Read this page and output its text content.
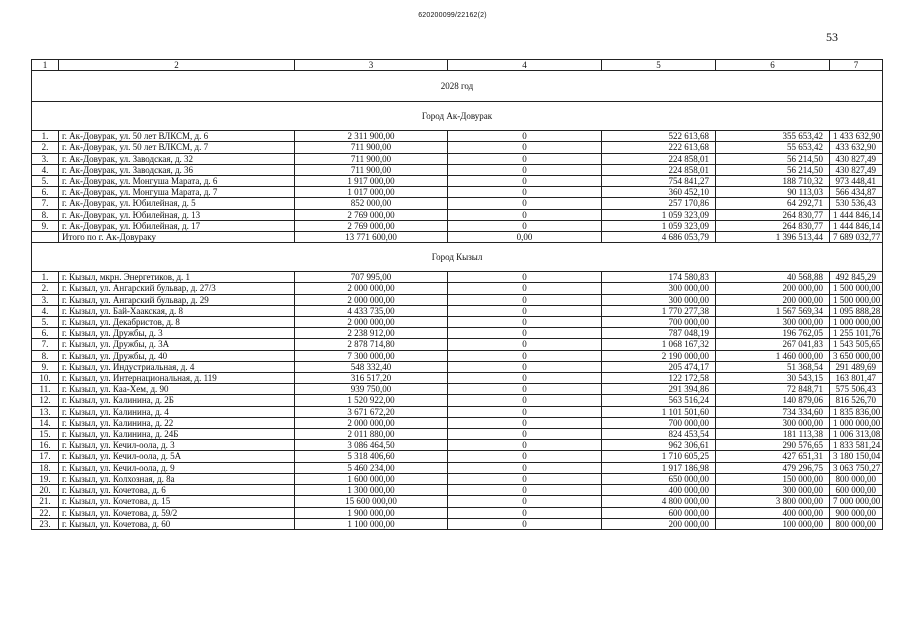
620200099/22162(2)
53
1	2	3	4	5	6	7
2028 год						
Город Ак-Довурак						
1.	г. Ак-Довурак, ул. 50 лет ВЛКСМ, д. 6	2 311 900,00	0	522 613,68	355 653,42	1 433 632,90
2.	г. Ак-Довурак, ул. 50 лет ВЛКСМ, д. 7	711 900,00	0	222 613,68	55 653,42	433 632,90
3.	г. Ак-Довурак, ул. Заводская, д. 32	711 900,00	0	224 858,01	56 214,50	430 827,49
4.	г. Ак-Довурак, ул. Заводская, д. 36	711 900,00	0	224 858,01	56 214,50	430 827,49
5.	г. Ак-Довурак, ул. Монгуша Марата, д. 6	1 917 000,00	0	754 841,27	188 710,32	973 448,41
6.	г. Ак-Довурак, ул. Монгуша Марата, д. 7	1 017 000,00	0	360 452,10	90 113,03	566 434,87
7.	г. Ак-Довурак, ул. Юбилейная, д. 5	852 000,00	0	257 170,86	64 292,71	530 536,43
8.	г. Ак-Довурак, ул. Юбилейная, д. 13	2 769 000,00	0	1 059 323,09	264 830,77	1 444 846,14
9.	г. Ак-Довурак, ул. Юбилейная, д. 17	2 769 000,00	0	1 059 323,09	264 830,77	1 444 846,14
	Итого по г. Ак-Довураку	13 771 600,00	0,00	4 686 053,79	1 396 513,44	7 689 032,77
Город Кызыл						
1.	г. Кызыл, мкрн. Энергетиков, д. 1	707 995,00	0	174 580,83	40 568,88	492 845,29
2.	г. Кызыл, ул. Ангарский бульвар, д. 27/3	2 000 000,00	0	300 000,00	200 000,00	1 500 000,00
3.	г. Кызыл, ул. Ангарский бульвар, д. 29	2 000 000,00	0	300 000,00	200 000,00	1 500 000,00
4.	г. Кызыл, ул. Бай-Хаакская, д. 8	4 433 735,00	0	1 770 277,38	1 567 569,34	1 095 888,28
5.	г. Кызыл, ул. Декабристов, д. 8	2 000 000,00	0	700 000,00	300 000,00	1 000 000,00
6.	г. Кызыл, ул. Дружбы, д. 3	2 238 912,00	0	787 048,19	196 762,05	1 255 101,76
7.	г. Кызыл, ул. Дружбы, д. 3А	2 878 714,80	0	1 068 167,32	267 041,83	1 543 505,65
8.	г. Кызыл, ул. Дружбы, д. 40	7 300 000,00	0	2 190 000,00	1 460 000,00	3 650 000,00
9.	г. Кызыл, ул. Индустриальная, д. 4	548 332,40	0	205 474,17	51 368,54	291 489,69
10.	г. Кызыл, ул. Интернациональная, д. 119	316 517,20	0	122 172,58	30 543,15	163 801,47
11.	г. Кызыл, ул. Каа-Хем, д. 90	939 750,00	0	291 394,86	72 848,71	575 506,43
12.	г. Кызыл, ул. Калинина, д. 2Б	1 520 922,00	0	563 516,24	140 879,06	816 526,70
13.	г. Кызыл, ул. Калинина, д. 4	3 671 672,20	0	1 101 501,60	734 334,60	1 835 836,00
14.	г. Кызыл, ул. Калинина, д. 22	2 000 000,00	0	700 000,00	300 000,00	1 000 000,00
15.	г. Кызыл, ул. Калинина, д. 24Б	2 011 880,00	0	824 453,54	181 113,38	1 006 313,08
16.	г. Кызыл, ул. Кечил-оола, д. 3	3 086 464,50	0	962 306,61	290 576,65	1 833 581,24
17.	г. Кызыл, ул. Кечил-оола, д. 5А	5 318 406,60	0	1 710 605,25	427 651,31	3 180 150,04
18.	г. Кызыл, ул. Кечил-оола, д. 9	5 460 234,00	0	1 917 186,98	479 296,75	3 063 750,27
19.	г. Кызыл, ул. Колхозная, д. 8а	1 600 000,00	0	650 000,00	150 000,00	800 000,00
20.	г. Кызыл, ул. Кочетова, д. 6	1 300 000,00	0	400 000,00	300 000,00	600 000,00
21.	г. Кызыл, ул. Кочетова, д. 15	15 600 000,00	0	4 800 000,00	3 800 000,00	7 000 000,00
22.	г. Кызыл, ул. Кочетова, д. 59/2	1 900 000,00	0	600 000,00	400 000,00	900 000,00
23.	г. Кызыл, ул. Кочетова, д. 60	1 100 000,00	0	200 000,00	100 000,00	800 000,00
